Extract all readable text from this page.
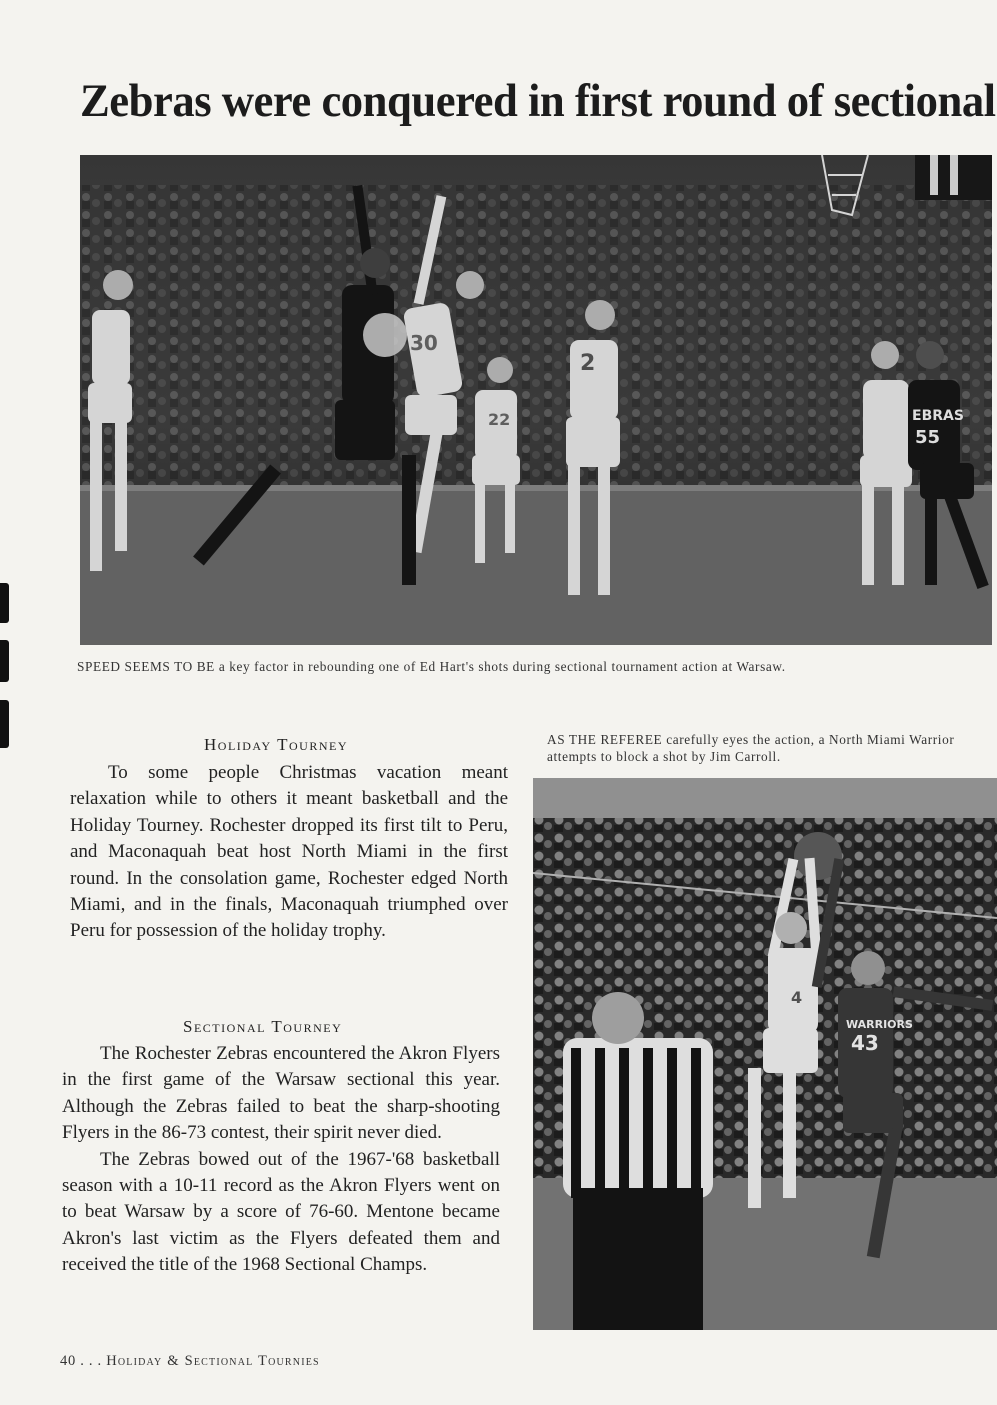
Zebras were conquered in first round of sectional
2
22
30
EBRAS
55
SPEED SEEMS TO BE a key factor in rebounding one of Ed Hart's shots during sectional tournament action at Warsaw.
Holiday Tourney

To some people Christmas vacation meant relaxation while to others it meant basketball and the Holiday Tourney. Rochester dropped its first tilt to Peru, and Maconaquah beat host North Miami in the first round. In the consolation game, Rochester edged North Miami, and in the finals, Maconaquah triumphed over Peru for possession of the holiday trophy.

AS THE REFEREE carefully eyes the action, a North Miami Warrior attempts to block a shot by Jim Carroll.
WARRIORS
43
4
Sectional Tourney

The Rochester Zebras encountered the Akron Flyers in the first game of the Warsaw sectional this year. Although the Zebras failed to beat the sharp-shooting Flyers in the 86-73 contest, their spirit never died.

The Zebras bowed out of the 1967-'68 basketball season with a 10-11 record as the Akron Flyers went on to beat Warsaw by a score of 76-60. Mentone became Akron's last victim as the Flyers defeated them and received the title of the 1968 Sectional Champs.

40 . . . Holiday & Sectional Tournies
